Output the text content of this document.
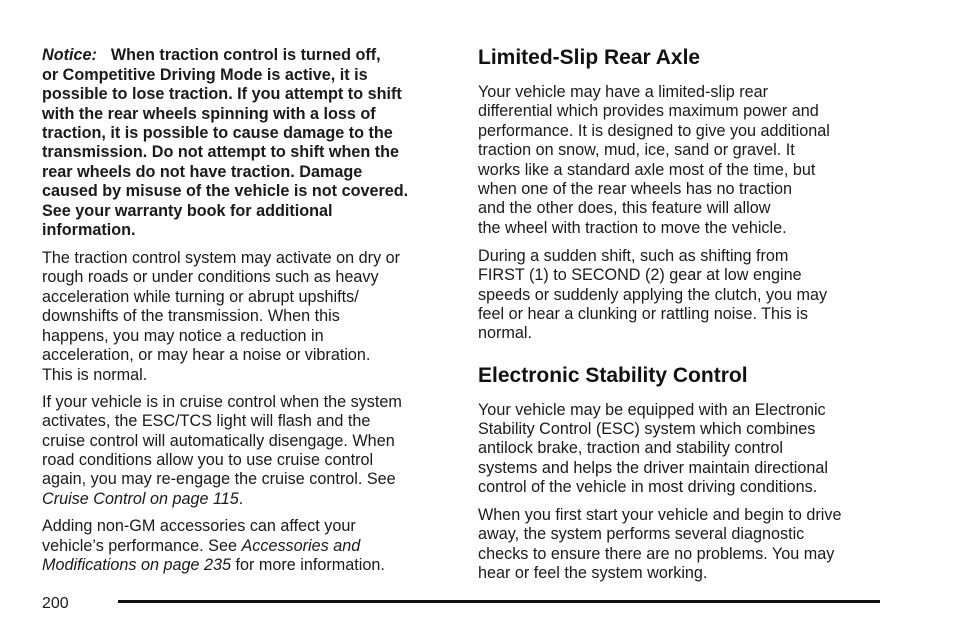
Notice: When traction control is turned off,
or Competitive Driving Mode is active, it is
possible to lose traction. If you attempt to shift
with the rear wheels spinning with a loss of
traction, it is possible to cause damage to the
transmission. Do not attempt to shift when the
rear wheels do not have traction. Damage
caused by misuse of the vehicle is not covered.
See your warranty book for additional
information.
The traction control system may activate on dry or
rough roads or under conditions such as heavy
acceleration while turning or abrupt upshifts/
downshifts of the transmission. When this
happens, you may notice a reduction in
acceleration, or may hear a noise or vibration.
This is normal.
If your vehicle is in cruise control when the system
activates, the ESC/TCS light will flash and the
cruise control will automatically disengage. When
road conditions allow you to use cruise control
again, you may re-engage the cruise control. See
Cruise Control on page 115.
Adding non-GM accessories can affect your
vehicle’s performance. See Accessories and
Modifications on page 235 for more information.
Limited-Slip Rear Axle
Your vehicle may have a limited-slip rear
differential which provides maximum power and
performance. It is designed to give you additional
traction on snow, mud, ice, sand or gravel. It
works like a standard axle most of the time, but
when one of the rear wheels has no traction
and the other does, this feature will allow
the wheel with traction to move the vehicle.
During a sudden shift, such as shifting from
FIRST (1) to SECOND (2) gear at low engine
speeds or suddenly applying the clutch, you may
feel or hear a clunking or rattling noise. This is
normal.
Electronic Stability Control
Your vehicle may be equipped with an Electronic
Stability Control (ESC) system which combines
antilock brake, traction and stability control
systems and helps the driver maintain directional
control of the vehicle in most driving conditions.
When you first start your vehicle and begin to drive
away, the system performs several diagnostic
checks to ensure there are no problems. You may
hear or feel the system working.
200
